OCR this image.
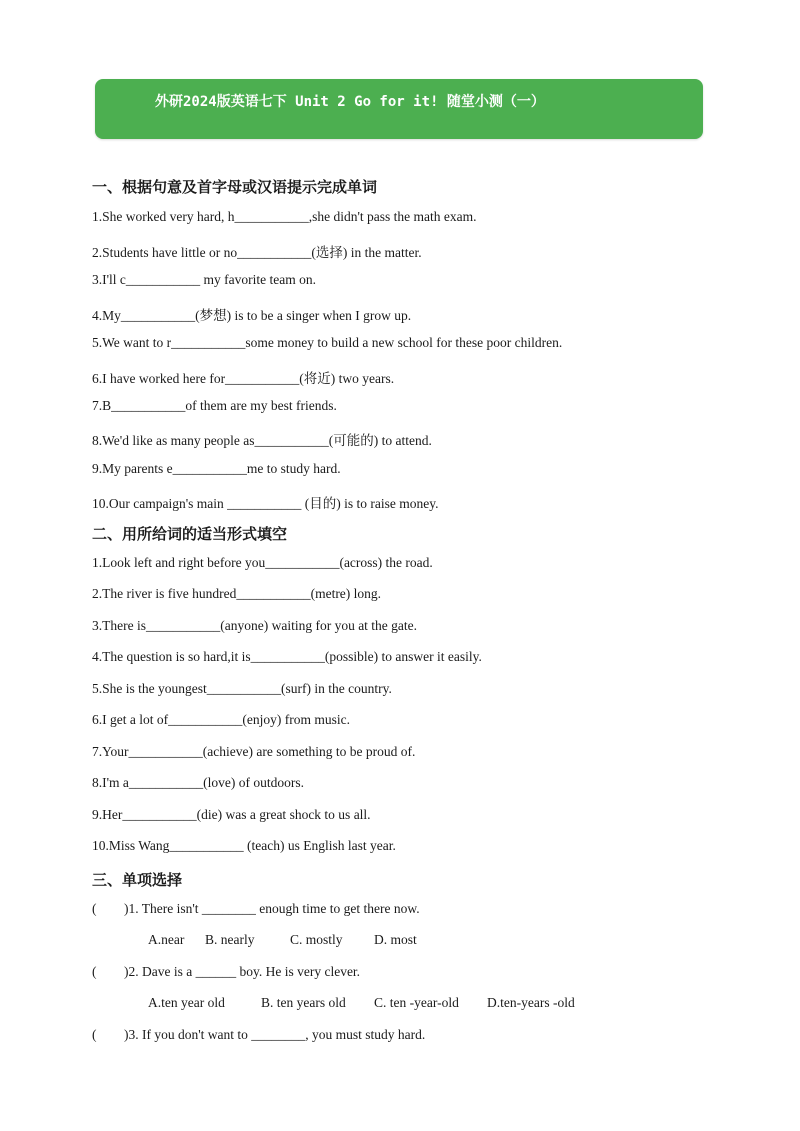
外研2024版英语七下 Unit 2 Go for it! 随堂小测（一）
一、根据句意及首字母或汉语提示完成单词
1.She worked very hard, h___________,she didn't pass the math exam.
2.Students have little or no___________(选择) in the matter.
3.I'll c___________ my favorite team on.
4.My___________(梦想) is to be a singer when I grow up.
5.We want to r___________some money to build a new school for these poor children.
6.I have worked here for___________(将近) two years.
7.B___________of them are my best friends.
8.We'd like as many people as___________(可能的) to attend.
9.My parents e___________me to study hard.
10.Our campaign's main ___________ (目的) is to raise money.
二、用所给词的适当形式填空
1.Look left and right before you___________(across) the road.
2.The river is five hundred___________(metre) long.
3.There is___________(anyone) waiting for you at the gate.
4.The question is so hard,it is___________(possible) to answer it easily.
5.She is the youngest___________(surf) in the country.
6.I get a lot of___________(enjoy) from music.
7.Your___________(achieve) are something to be proud of.
8.I'm a___________(love) of outdoors.
9.Her___________(die) was a great shock to us all.
10.Miss Wang___________ (teach) us English last year.
三、单项选择
( )1. There isn't ________ enough time to get there now.
A.near B. nearly	C. mostly D. most
( )2. Dave is a ______ boy. He is very clever.
A.ten year old	B. ten years old C. ten -year-old D.ten-years -old
( )3. If you don't want to ________, you must study hard.
